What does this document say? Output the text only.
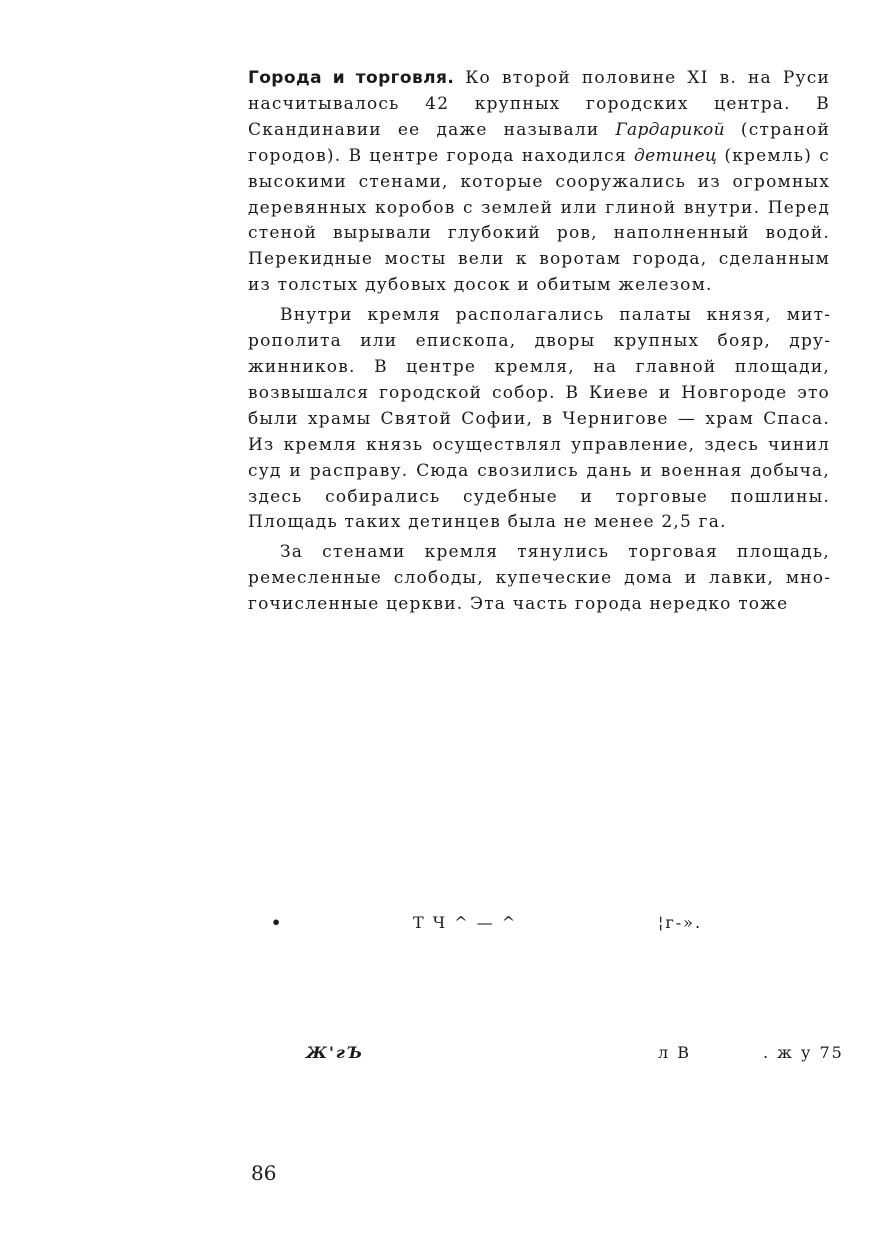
Города и торговля. Ко второй половине XI в. на Руси насчитывалось 42 крупных городских центра. В Скандинавии ее даже называли Гардарикой (страной городов). В центре города находился детинец (кремль) с высокими стенами, которые сооружались из огромных деревянных коробов с землей или глиной внутри. Перед стеной вырывали глубокий ров, наполненный водой. Перекидные мосты вели к воротам города, сделанным из толстых дубовых досок и обитым железом.

Внутри кремля располагались палаты князя, митрополита или епископа, дворы крупных бояр, дружинников. В центре кремля, на главной площади, возвышался городской собор. В Киеве и Новгороде это были храмы Святой Софии, в Чернигове — храм Спаса. Из кремля князь осуществлял управление, здесь чинил суд и расправу. Сюда свозились дань и военная добыча, здесь собирались судебные и торговые пошлины. Площадь таких детинцев была не менее 2,5 га.

За стенами кремля тянулись торговая площадь, ремесленные слободы, купеческие дома и лавки, многочисленные церкви. Эта часть города нередко тоже

•	Т Ч ^ — ^	¦г-».
Ж'гЪ	л В	. ж у 75
86
